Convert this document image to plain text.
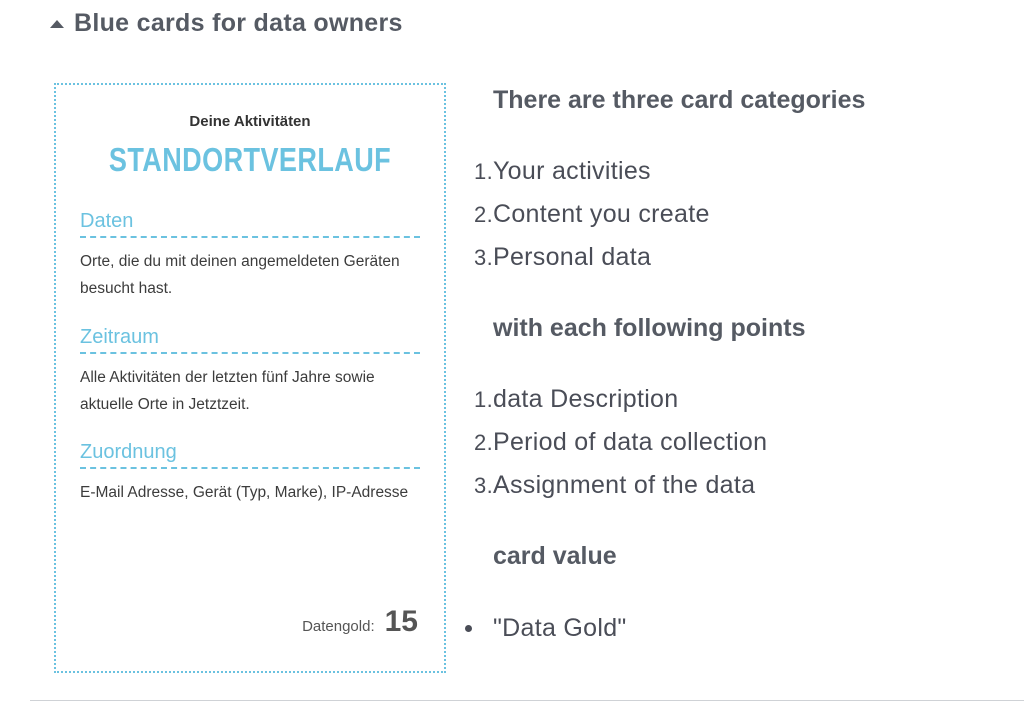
Blue cards for data owners
Deine Aktivitäten
STANDORTVERLAUF
Daten
Orte, die du mit deinen angemeldeten Geräten besucht hast.
Zeitraum
Alle Aktivitäten der letzten fünf Jahre sowie aktuelle Orte in Jetztzeit.
Zuordnung
E-Mail Adresse, Gerät (Typ, Marke), IP-Adresse
Datengold: 15
There are three card categories
1 . Your activities
2 . Content you create
3 . Personal data
with each following points
1 . data Description
2 . Period of data collection
3 . Assignment of the data
card value
"Data Gold"
